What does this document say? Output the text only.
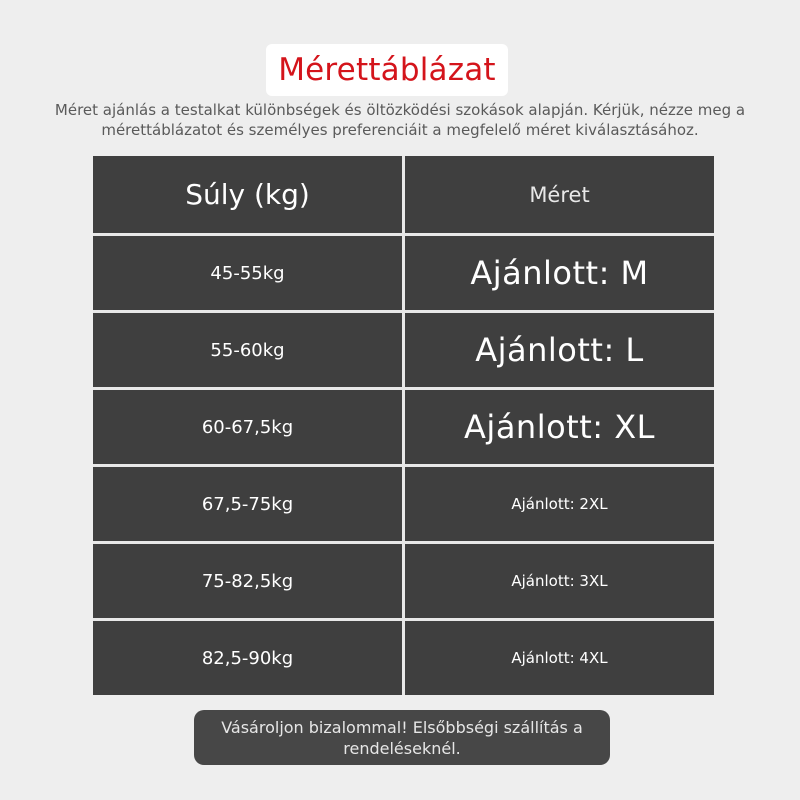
Mérettáblázat
Méret ajánlás a testalkat különbségek és öltözködési szokások alapján. Kérjük, nézze meg a mérettáblázatot és személyes preferenciáit a megfelelő méret kiválasztásához.
Súly (kg)	Méret
45-55kg	Ajánlott: M
55-60kg	Ajánlott: L
60-67,5kg	Ajánlott: XL
67,5-75kg	Ajánlott: 2XL
75-82,5kg	Ajánlott: 3XL
82,5-90kg	Ajánlott: 4XL
Vásároljon bizalommal! Elsőbbségi szállítás a rendeléseknél.
